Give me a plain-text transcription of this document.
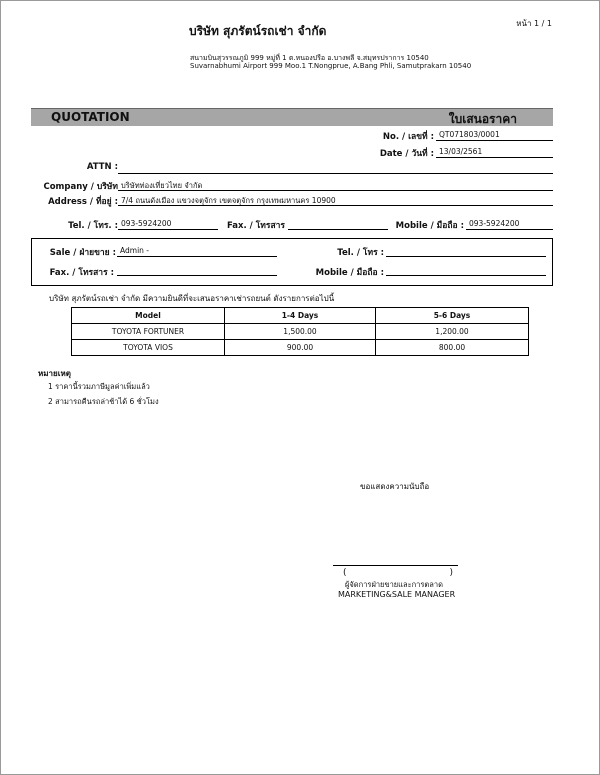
หน้า 1 / 1
บริษัท สุภรัตน์รถเช่า จำกัด
สนามบินสุวรรณภูมิ 999 หมู่ที่ 1 ต.หนองปรือ อ.บางพลี จ.สมุทรปราการ 10540
Suvarnabhumi Airport 999 Moo.1 T.Nongprue, A.Bang Phli, Samutprakarn 10540
QUOTATION	ใบเสนอราคา
No. / เลขที่ : QT071803/0001
Date / วันที่ : 13/03/2561
ATTN :
Company / บริษัท บริษัทท่องเที่ยวไทย จำกัด
Address / ที่อยู่ : 7/4 ถนนดังเมือง แขวงจตุจักร เขตจตุจักร กรุงเทพมหานคร 10900
Tel. / โทร. : 093-5924200	Fax. / โทรสาร	Mobile / มือถือ : 093-5924200
Sale / ฝ่ายขาย : Admin -	Tel. / โทร :
Fax. / โทรสาร :	Mobile / มือถือ :
บริษัท สุภรัตน์รถเช่า จำกัด มีความยินดีที่จะเสนอราคาเช่ารถยนต์ ดังรายการต่อไปนี้
Model	1-4 Days	5-6 Days
TOYOTA FORTUNER	1,500.00	1,200.00
TOYOTA VIOS	900.00	800.00
หมายเหตุ
1 ราคานี้รวมภาษีมูลค่าเพิ่มแล้ว
2 สามารถคืนรถล่าช้าได้ 6 ชั่วโมง
ขอแสดงความนับถือ
(	)
ผู้จัดการฝ่ายขายและการตลาด
MARKETING&SALE MANAGER
